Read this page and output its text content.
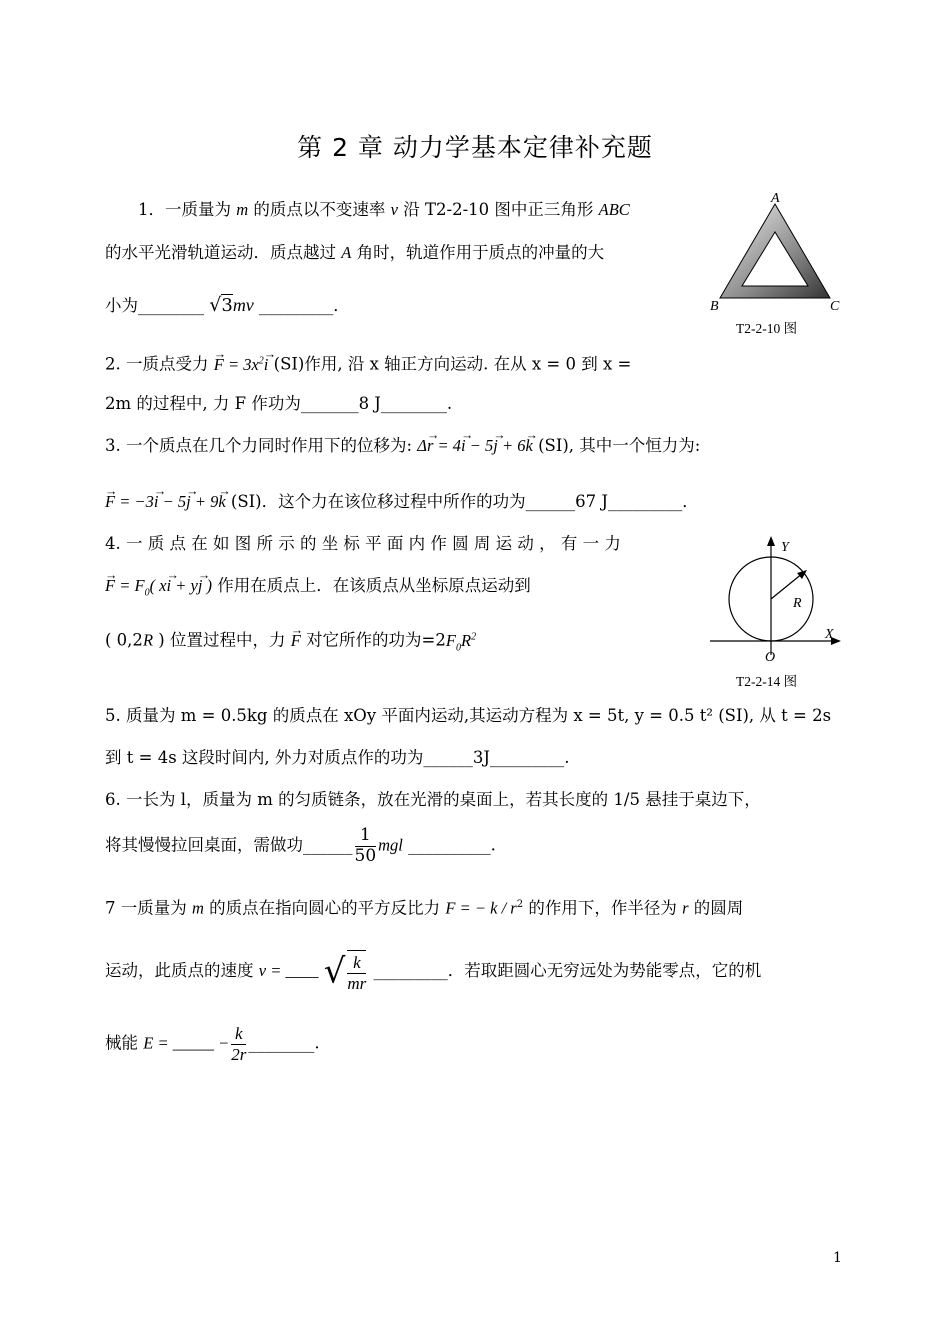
第 2 章 动力学基本定律补充题
1．一质量为 m 的质点以不变速率 v 沿 T2-2-10 图中正三角形 ABC
的水平光滑轨道运动．质点越过 A 角时，轨道作用于质点的冲量的大
小为________ √3mv _________．
A
B	C
T2-2-10 图
2. 一质点受力 → $F = 3x^2\to i$ (SI)作用, 沿 x 轴正方向运动. 在从 x = 0 到 x =
2m 的过程中, 力 F 作功为_______8 J________.
3. 一个质点在几个力同时作用下的位移为: Δ→ r = 4→ i − 5→ j + 6→ k (SI), 其中一个恒力为:
→ F = −3→ i − 5→ j + 9→ k (SI)．这个力在该位移过程中所作的功为______67 J_________．
4. 一 质 点 在 如 图 所 示 的 坐 标 平 面 内 作 圆 周 运 动 ， 有 一 力
→ $F = F_0$( x→ i + y→ j ) 作用在质点上．在该质点从坐标原点运动到
( 0,2R ) 位置过程中，力 → F 对它所作的功为$=2F_0R^2$
Y
X
O
R
T2-2-14 图
5. 质量为 m = 0.5kg 的质点在 xOy 平面内运动,其运动方程为 x = 5t, y = 0.5 t² (SI), 从 t = 2s
到 t = 4s 这段时间内, 外力对质点作的功为______3J_________.
6. 一长为 l，质量为 m 的匀质链条，放在光滑的桌面上，若其长度的 1/5 悬挂于桌边下，
将其慢慢拉回桌面，需做功______ $\frac{1}{50}$ mgl __________.
7 一质量为 m 的质点在指向圆心的平方反比力 F = − k / $r^2$ 的作用下，作半径为 r 的圆周
运动，此质点的速度 v = ____ √ $\frac{k}{mr}$ _________．若取距圆心无穷远处为势能零点，它的机
械能 E = _____ − $\frac{k}{2r}$ ________.
1
